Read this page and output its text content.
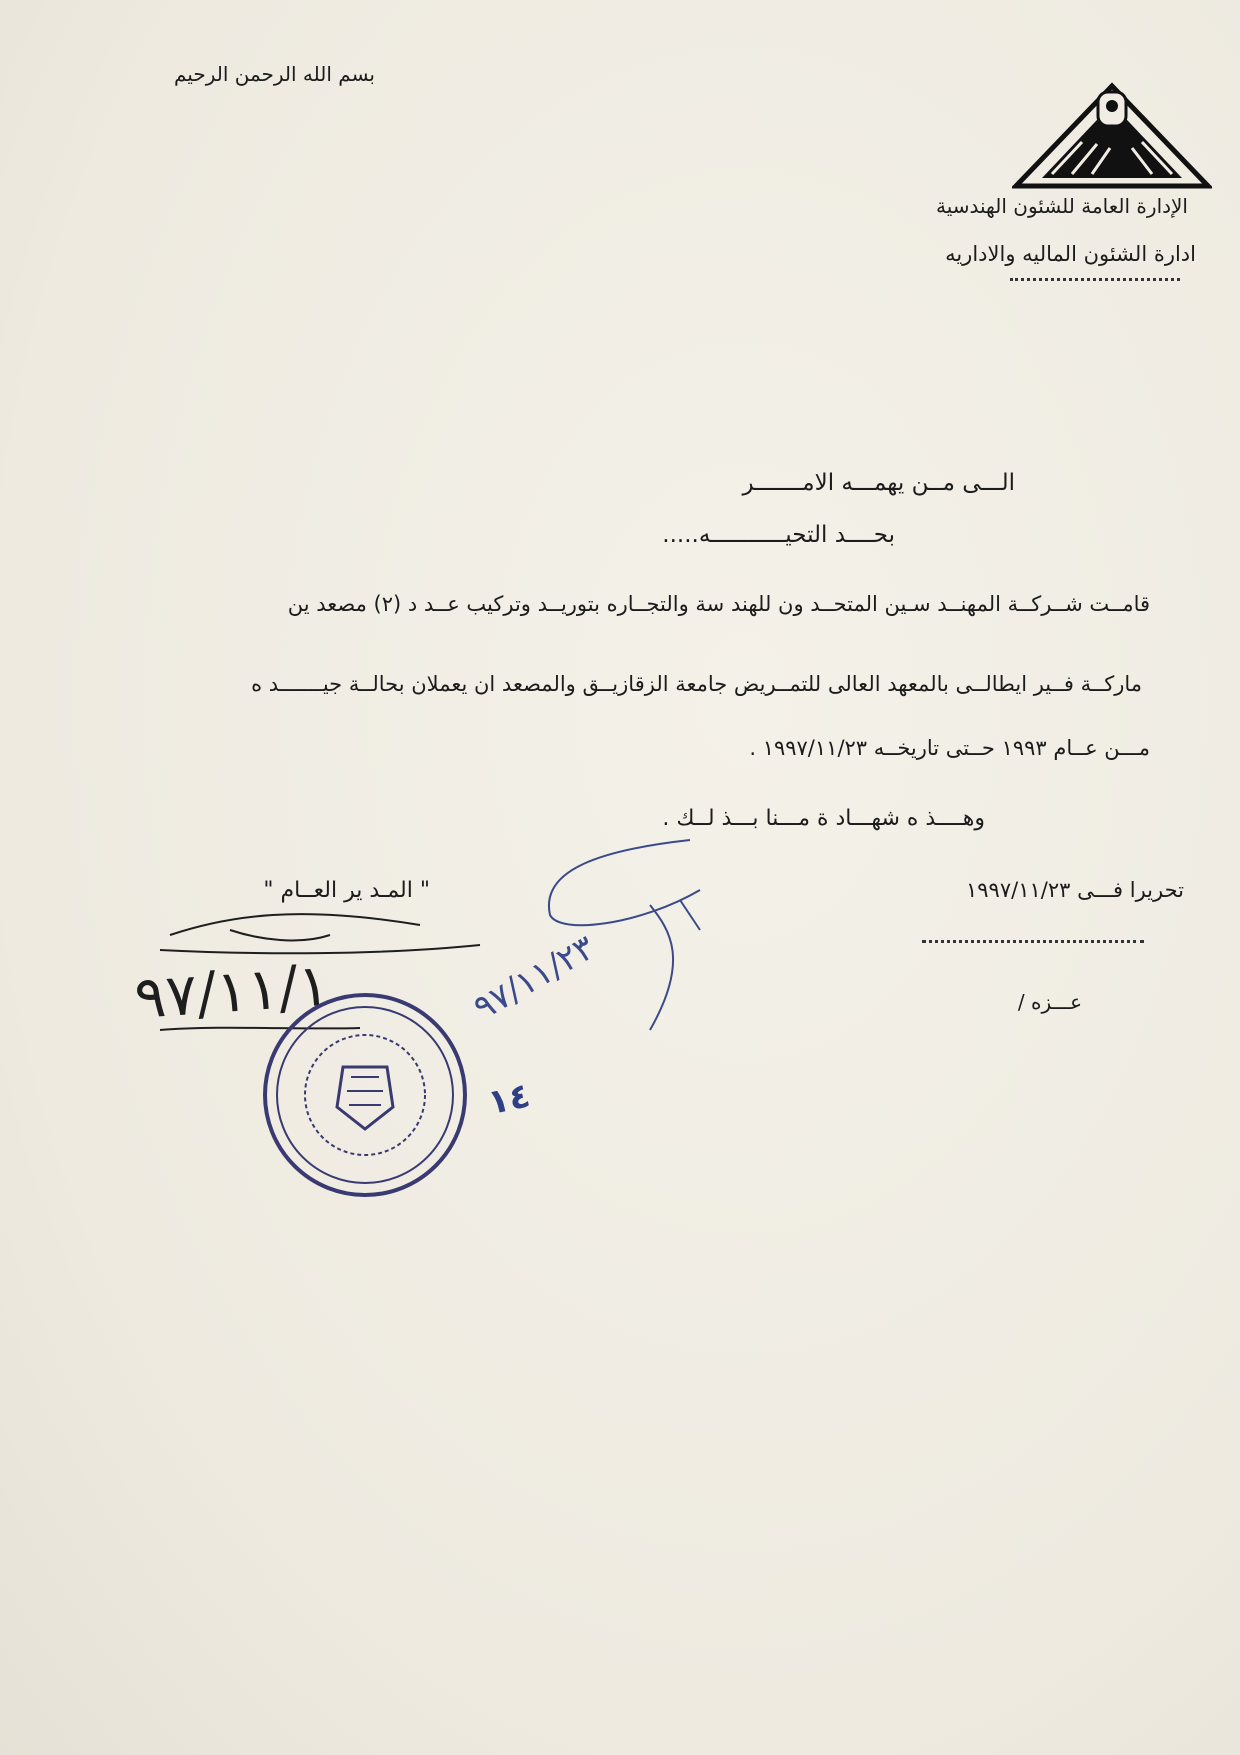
بسم الله الرحمن الرحيم
الإدارة العامة للشئون الهندسية
ادارة الشئون الماليه والاداريه
الـــى مــن يهمـــه الامـــــــر
بحــــد التحيـــــــــــه.....
قامــت شــركــة المهنــد سـين المتحــد ون للهند سة والتجــاره بتوريــد وتركيب عــد د (٢) مصعد ين
ماركــة فــير ايطالــى بالمعهد العالى للتمــريض جامعة الزقازيــق والمصعد ان يعملان بحالــة جيـــــــد ه
مـــن عــام ١٩٩٣ حــتى تاريخــه ١٩٩٧/١١/٢٣ .
وهــــذ ه شهـــاد ة مـــنا بـــذ لــك .
تحريرا فـــى ١٩٩٧/١١/٢٣
" المـد ير العــام "
عـــزه /
٩٧/١١/١	٩٧/١١/٢٣
١٤
